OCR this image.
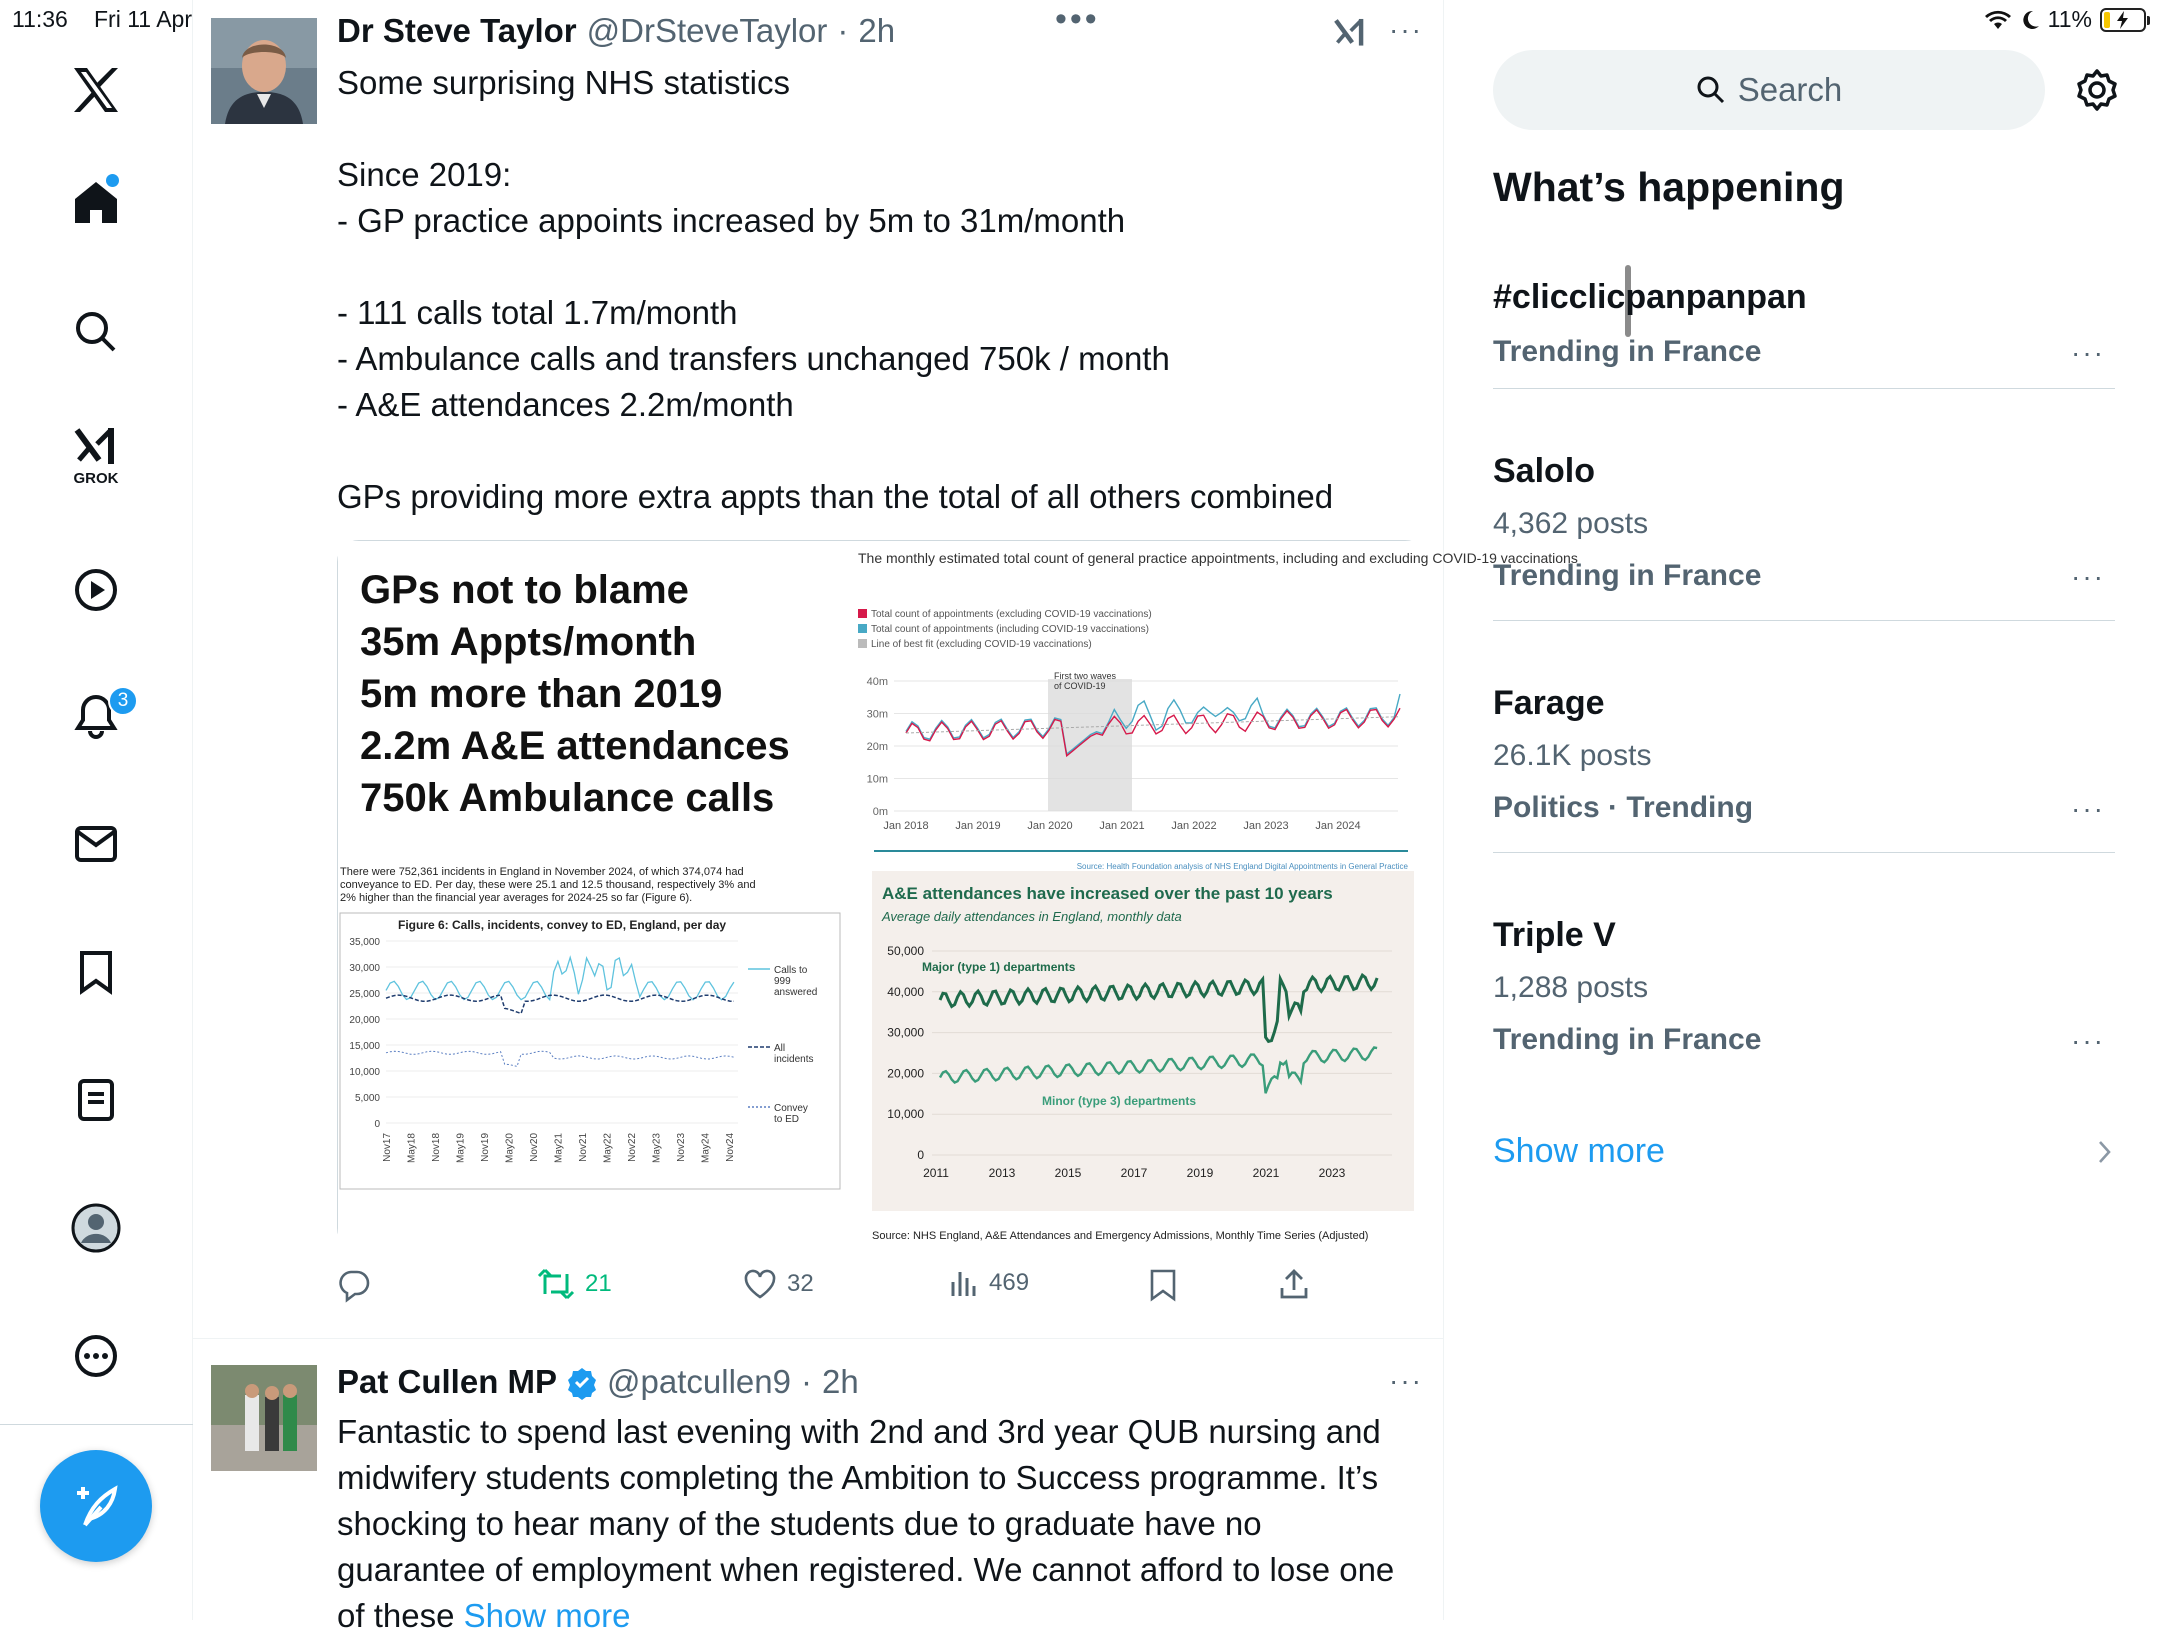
11:36 Fri 11 Apr	11%
GROK
3
Dr Steve Taylor @DrSteveTaylor · 2h	•••	···
Some surprising NHS statistics

Since 2019:
- GP practice appoints increased by 5m to 31m/month

- 111 calls total 1.7m/month
- Ambulance calls and transfers unchanged 750k / month
- A&E attendances 2.2m/month

GPs providing more extra appts than the total of all others combined
GPs not to blame
35m Appts/month
5m more than 2019
2.2m A&E attendances
750k Ambulance calls
The monthly estimated total count of general practice appointments, including and excluding COVID-19 vaccinations
Total count of appointments (excluding COVID-19 vaccinations)
Total count of appointments (including COVID-19 vaccinations)
Line of best fit (excluding COVID-19 vaccinations)
40m
30m
20m
10m
0m
First two waves
of COVID-19
Jan 2018 Jan 2019 Jan 2020 Jan 2021 Jan 2022 Jan 2023 Jan 2024
Source: Health Foundation analysis of NHS England Digital Appointments in General Practice
There were 752,361 incidents in England in November 2024, of which 374,074 had
conveyance to ED. Per day, these were 25.1 and 12.5 thousand, respectively 3% and
2% higher than the financial year averages for 2024-25 so far (Figure 6).
Figure 6: Calls, incidents, convey to ED, England, per day
35,000
30,000
25,000
20,000
15,000
10,000
5,000
0
Nov17 May18 Nov18 May19 Nov19 May20 Nov20 May21 Nov21 May22 Nov22 May23 Nov23 May24 Nov24
Calls to
999
answered
All
incidents
Convey
to ED
A&E attendances have increased over the past 10 years
Average daily attendances in England, monthly data
50,000
40,000
30,000
20,000
10,000
0
2011	2013	2015	2017	2019	2021	2023
Major (type 1) departments
Minor (type 3) departments
Source: NHS England, A&E Attendances and Emergency Admissions, Monthly Time Series (Adjusted)
21	32	469
Pat Cullen MP @patcullen9 · 2h	···
Fantastic to spend last evening with 2nd and 3rd year QUB nursing and midwifery students completing the Ambition to Success programme. It’s shocking to hear many of the students due to graduate have no guarantee of employment when registered. We cannot afford to lose one of these Show more
Search
What’s happening
#clicclicpanpanpan
Trending in France	···
Salolo
4,362 posts
Trending in France	···
Farage
26.1K posts
Politics · Trending	···
Triple V
1,288 posts
Trending in France	···
Show more
